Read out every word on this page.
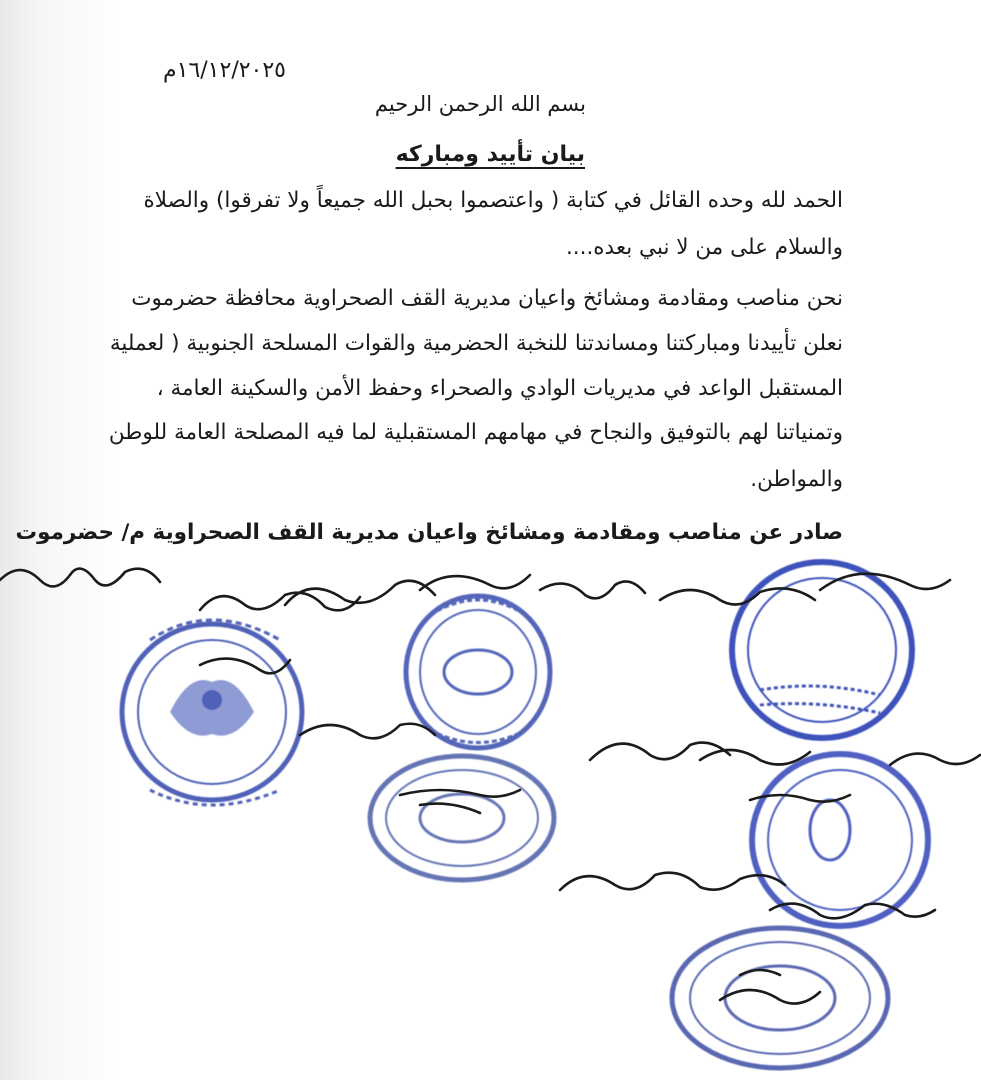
١٦/١٢/٢٠٢٥م
بسم الله الرحمن الرحيم
بيان تأييد ومباركه
الحمد لله وحده القائل في كتابة ( واعتصموا بحبل الله جميعاً ولا تفرقوا) والصلاة
والسلام على من لا نبي بعده....
نحن مناصب ومقادمة ومشائخ واعيان مديرية القف الصحراوية محافظة حضرموت
نعلن تأييدنا ومباركتنا ومساندتنا للنخبة الحضرمية والقوات المسلحة الجنوبية ( لعملية
المستقبل الواعد في مديريات الوادي والصحراء وحفظ الأمن والسكينة العامة ،
وتمنياتنا لهم بالتوفيق والنجاح في مهامهم المستقبلية لما فيه المصلحة العامة للوطن
والمواطن.
صادر عن مناصب ومقادمة ومشائخ واعيان مديرية القف الصحراوية م/ حضرموت
